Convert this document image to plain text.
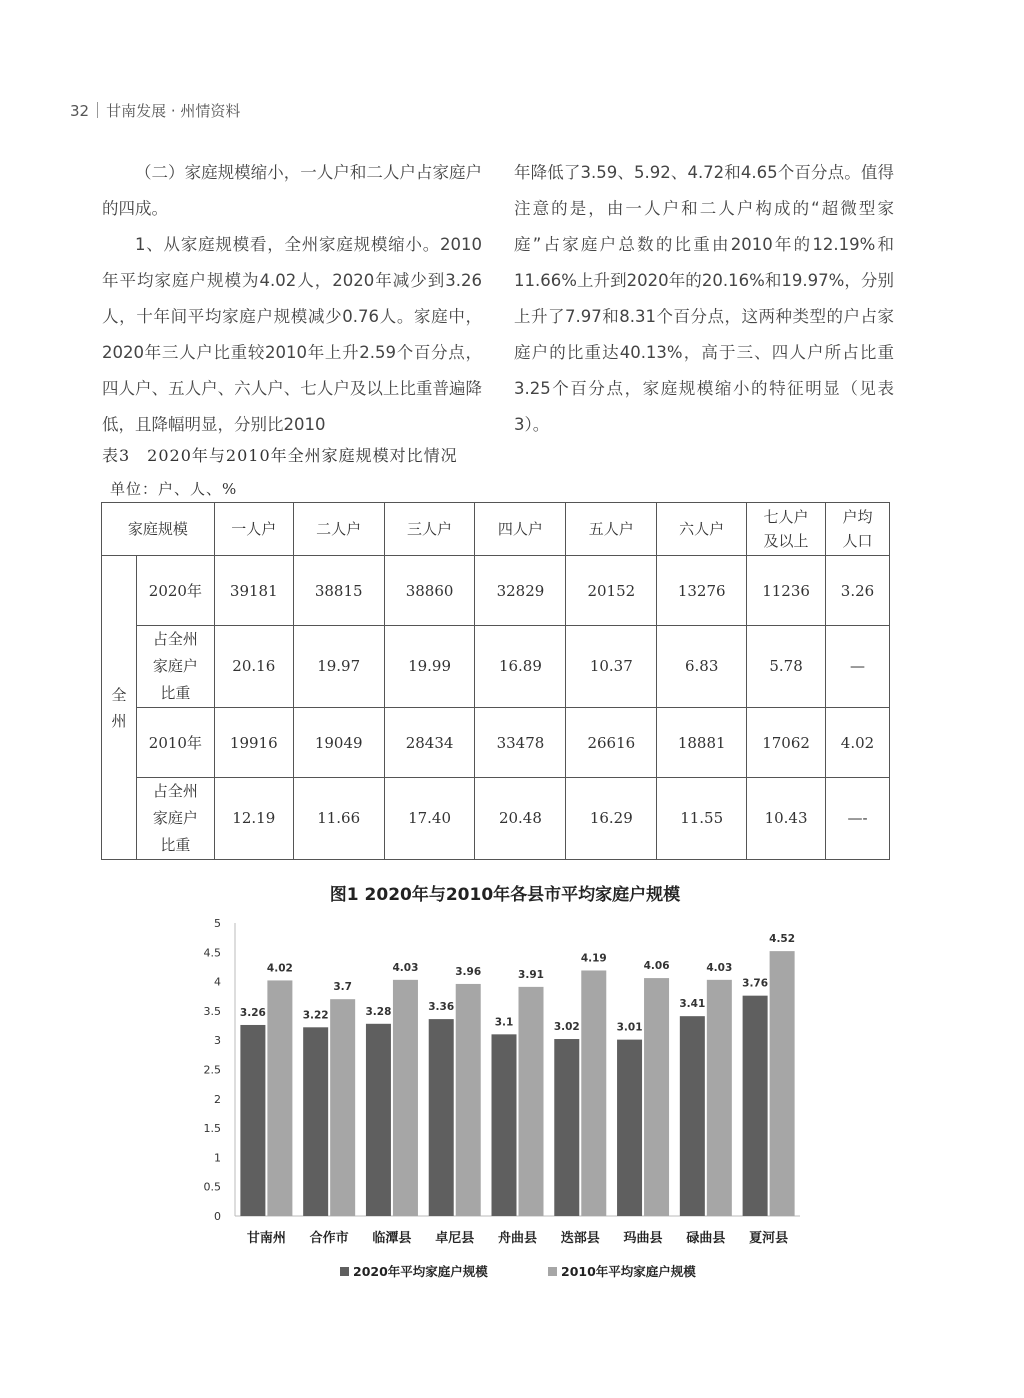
32 甘南发展 · 州情资料

（二）家庭规模缩小，一人户和二人户占家庭户的四成。

1、从家庭规模看，全州家庭规模缩小。2010年平均家庭户规模为4.02人，2020年减少到3.26人，十年间平均家庭户规模减少0.76人。家庭中，2020年三人户比重较2010年上升2.59个百分点，四人户、五人户、六人户、七人户及以上比重普遍降低，且降幅明显，分别比2010

年降低了3.59、5.92、4.72和4.65个百分点。值得注意的是，由一人户和二人户构成的“超微型家庭”占家庭户总数的比重由2010年的12.19%和11.66%上升到2020年的20.16%和19.97%，分别上升了7.97和8.31个百分点，这两种类型的户占家庭户的比重达40.13%，高于三、四人户所占比重3.25个百分点，家庭规模缩小的特征明显（见表3）。

表3　2020年与2010年全州家庭规模对比情况
单位：户、人、%
家庭规模		一人户	二人户	三人户	四人户	五人户	六人户	七人户及以上	户均人口
全州	2020年	39181	38815	38860	32829	20152	13276	11236	3.26
	占全州家庭户比重	20.16	19.97	19.99	16.89	10.37	6.83	5.78	—
	2010年	19916	19049	28434	33478	26616	18881	17062	4.02
	占全州家庭户比重	12.19	11.66	17.40	20.48	16.29	11.55	10.43	—-
图1 2020年与2010年各县市平均家庭户规模
0
0.5
1
1.5
2
2.5
3
3.5
4
4.5
5
3.26
4.02
甘南州
3.22
3.7
合作市
3.28
4.03
临潭县
3.36
3.96
卓尼县
3.1
3.91
舟曲县
3.02
4.19
迭部县
3.01
4.06
玛曲县
3.41
4.03
碌曲县
3.76
4.52
夏河县
2020年平均家庭户规模	2010年平均家庭户规模
